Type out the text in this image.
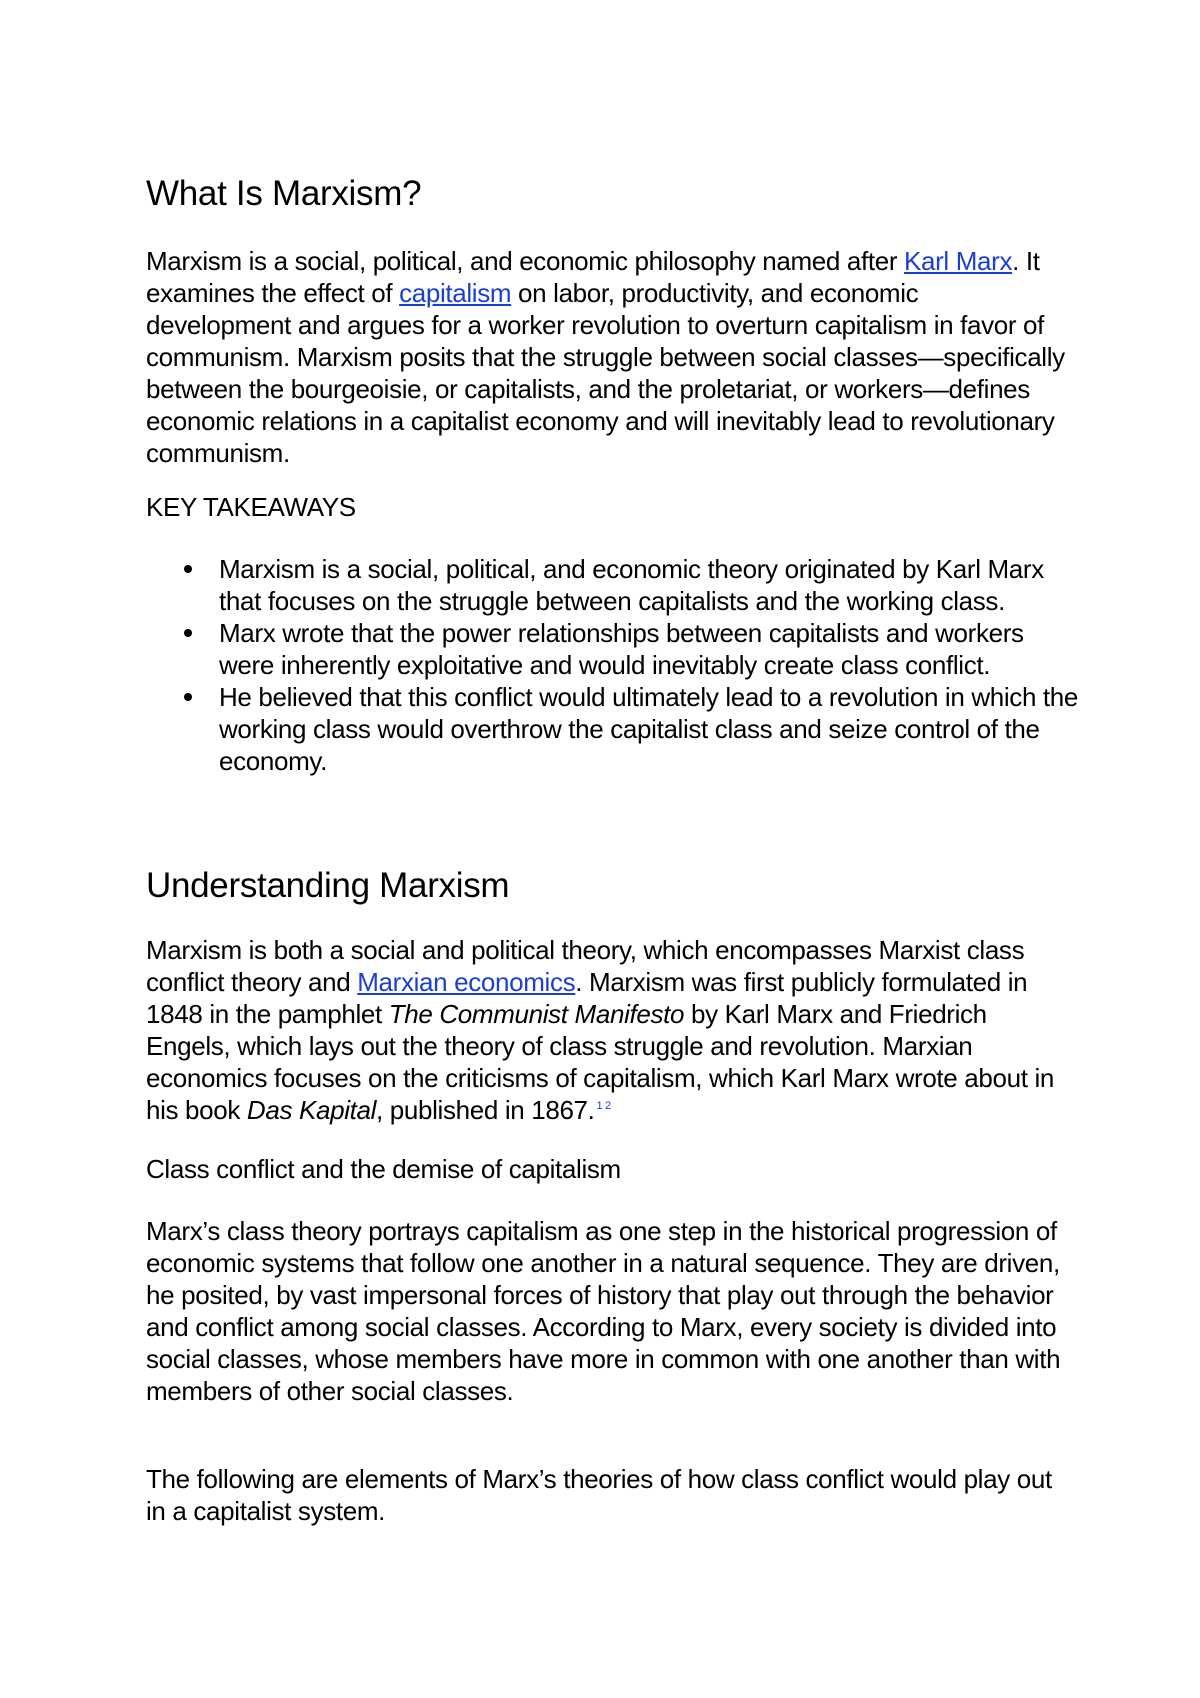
What Is Marxism?

Marxism is a social, political, and economic philosophy named after Karl Marx. It examines the effect of capitalism on labor, productivity, and economic development and argues for a worker revolution to overturn capitalism in favor of communism. Marxism posits that the struggle between social classes—specifically between the bourgeoisie, or capitalists, and the proletariat, or workers—defines economic relations in a capitalist economy and will inevitably lead to revolutionary communism.

KEY TAKEAWAYS

Marxism is a social, political, and economic theory originated by Karl Marx that focuses on the struggle between capitalists and the working class.
Marx wrote that the power relationships between capitalists and workers were inherently exploitative and would inevitably create class conflict.
He believed that this conflict would ultimately lead to a revolution in which the working class would overthrow the capitalist class and seize control of the economy.
Understanding Marxism

Marxism is both a social and political theory, which encompasses Marxist class conflict theory and Marxian economics. Marxism was first publicly formulated in 1848 in the pamphlet The Communist Manifesto by Karl Marx and Friedrich Engels, which lays out the theory of class struggle and revolution. Marxian economics focuses on the criticisms of capitalism, which Karl Marx wrote about in his book Das Kapital, published in 1867. $^{1 2}$

Class conflict and the demise of capitalism

Marx’s class theory portrays capitalism as one step in the historical progression of economic systems that follow one another in a natural sequence. They are driven, he posited, by vast impersonal forces of history that play out through the behavior and conflict among social classes. According to Marx, every society is divided into social classes, whose members have more in common with one another than with members of other social classes.

The following are elements of Marx’s theories of how class conflict would play out in a capitalist system.
